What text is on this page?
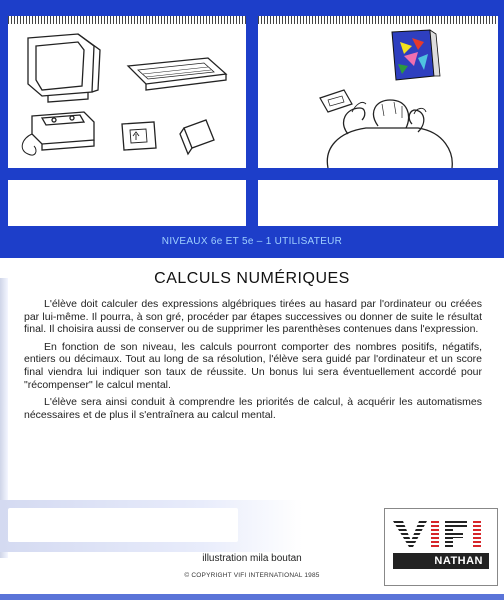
NIVEAUX 6e ET 5e – 1 UTILISATEUR
CALCULS NUMÉRIQUES

L'élève doit calculer des expressions algébriques tirées au hasard par l'ordinateur ou créées par lui-même. Il pourra, à son gré, procéder par étapes successives ou donner de suite le résultat final. Il choisira aussi de conserver ou de supprimer les parenthèses contenues dans l'expression.

En fonction de son niveau, les calculs pourront comporter des nombres positifs, négatifs, entiers ou décimaux. Tout au long de sa résolution, l'élève sera guidé par l'ordinateur et un score final viendra lui indiquer son taux de réussite. Un bonus lui sera éventuellement accordé pour "récompenser" le calcul mental.

L'élève sera ainsi conduit à comprendre les priorités de calcul, à acquérir les automatismes nécessaires et de plus il s'entraînera au calcul mental.

illustration mila boutan
© COPYRIGHT VIFI INTERNATIONAL 1985
NATHAN
